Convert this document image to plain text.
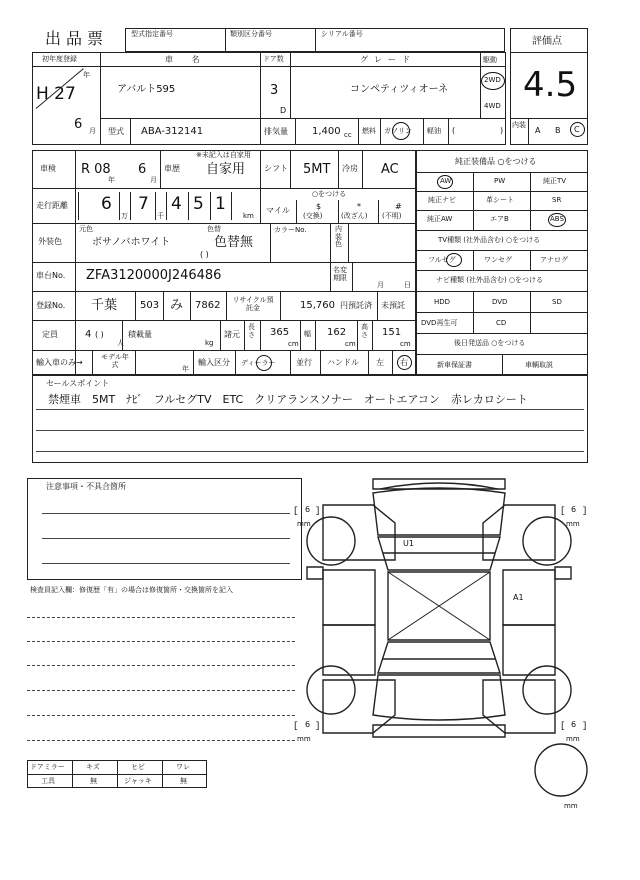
出品票	型式指定番号	類別区分番号	シリアル番号
評価点
4.5
内装
A B C
初年度登録
年
H 27
6 月
車 名
アバルト595
ドア数
3
D
グレード
コンペティツィオーネ
駆動
2WD
4WD
型式 ABA-312141	排気量 1,400 cc 燃料 ガソリン 軽油 (	)
車検 R 08
年
6
月
車歴
※未記入は自家用
自家用 シフト 5MT 冷房 AC
走行距離 6
万
7
千
4 5 1
km
マイル
○をつける
$
(交換)
*
(改ざん)
#
(不明)
外装色
元色
ボサノバホワイト
色替
色替無
( )
カラーNo.	内装色
車台No. ZFA3120000J246486	名変期限
月	日
登録No. 千葉 503 み 7862	リサイクル預託金	15,760 円預託済 未預託
定員	4 ( )
人
積載量
kg
諸元
長さ 365
cm
幅 162
cm
高さ 151
cm
輸入車のみ→
モデル年式	年
輸入区分 ディーラー	並行 ハンドル 左 右
純正装備品 ○をつける
AW	PW	純正TV
純正ナビ	革シート	SR
純正AW	エアB	ABS
TV種類 (社外品含む) ○をつける
フルセグ	ワンセグ	アナログ
ナビ種類 (社外品含む) ○をつける
HDD	DVD	SD
DVD再生可	CD
後日発送品 ○をつける
新車保証書	車輌取説
セールスポイント
禁煙車　5MT　ﾅﾋﾞ　フルセグTV　ETC　クリアランスソナー　オートエアコン　赤レカロシート
注意事項・不具合箇所
検査員記入欄：修復歴「有」の場合は修復箇所・交換箇所を記入
ドアミラー	キズ	ヒビ	ワレ
工具	無	ジャッキ	無
[ ]
[ ]
[ ]
[ ]
6
mm
6
mm
6
mm
6
mm
mm
U1
A1
